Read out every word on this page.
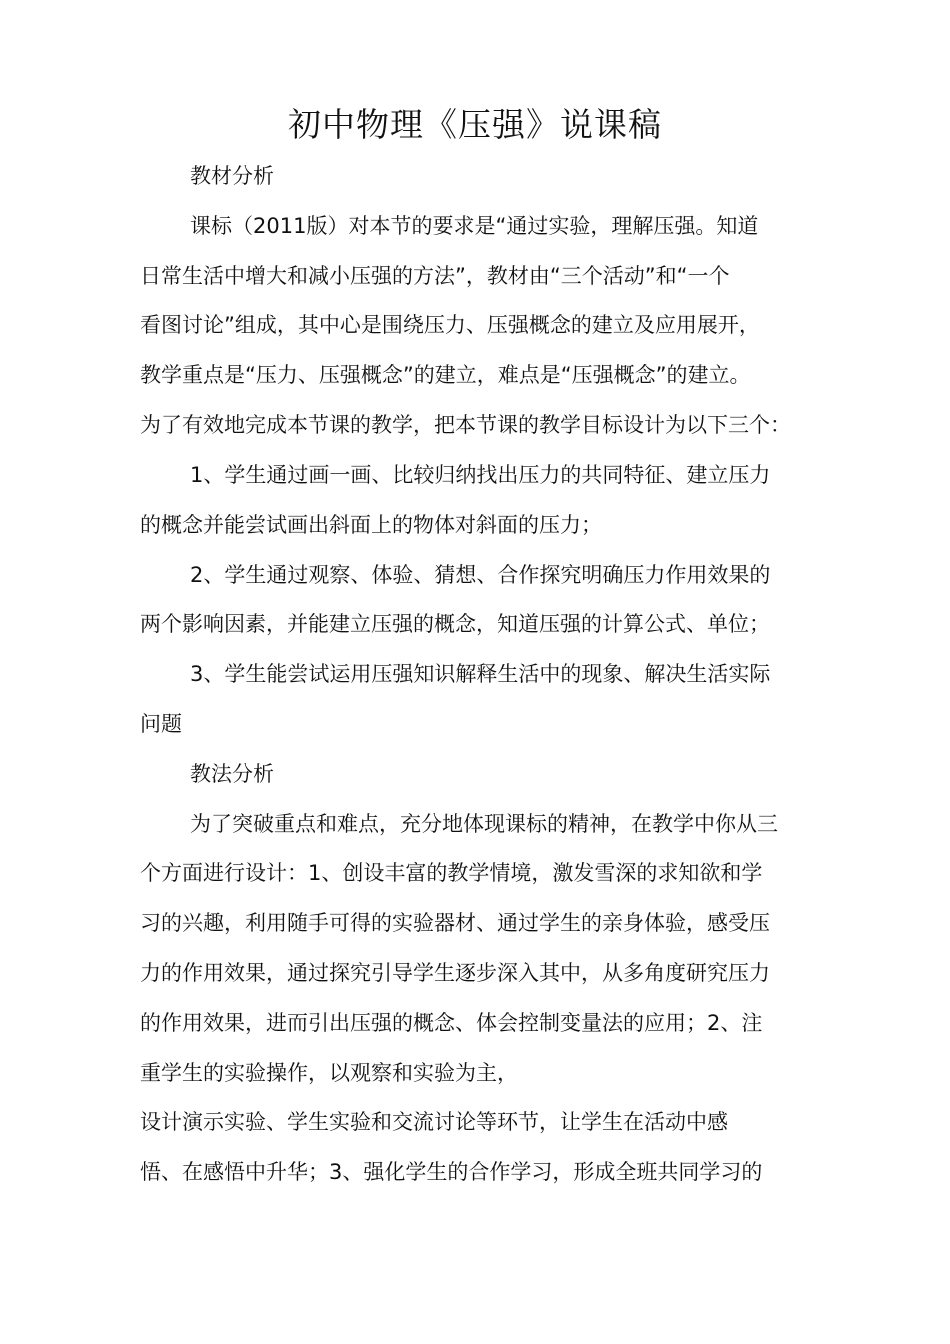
初中物理《压强》说课稿
教材分析
课标（2011版）对本节的要求是“通过实验，理解压强。知道
日常生活中增大和减小压强的方法”，教材由“三个活动”和“一个
看图讨论”组成，其中心是围绕压力、压强概念的建立及应用展开，
教学重点是“压力、压强概念”的建立，难点是“压强概念”的建立。
为了有效地完成本节课的教学，把本节课的教学目标设计为以下三个：
1、学生通过画一画、比较归纳找出压力的共同特征、建立压力
的概念并能尝试画出斜面上的物体对斜面的压力；
2、学生通过观察、体验、猜想、合作探究明确压力作用效果的
两个影响因素，并能建立压强的概念，知道压强的计算公式、单位；
3、学生能尝试运用压强知识解释生活中的现象、解决生活实际
问题
教法分析
为了突破重点和难点，充分地体现课标的精神，在教学中你从三
个方面进行设计：1、创设丰富的教学情境，激发雪深的求知欲和学
习的兴趣，利用随手可得的实验器材、通过学生的亲身体验，感受压
力的作用效果，通过探究引导学生逐步深入其中，从多角度研究压力
的作用效果，进而引出压强的概念、体会控制变量法的应用；2、注
重学生的实验操作，以观察和实验为主，
设计演示实验、学生实验和交流讨论等环节，让学生在活动中感
悟、在感悟中升华；3、强化学生的合作学习，形成全班共同学习的
